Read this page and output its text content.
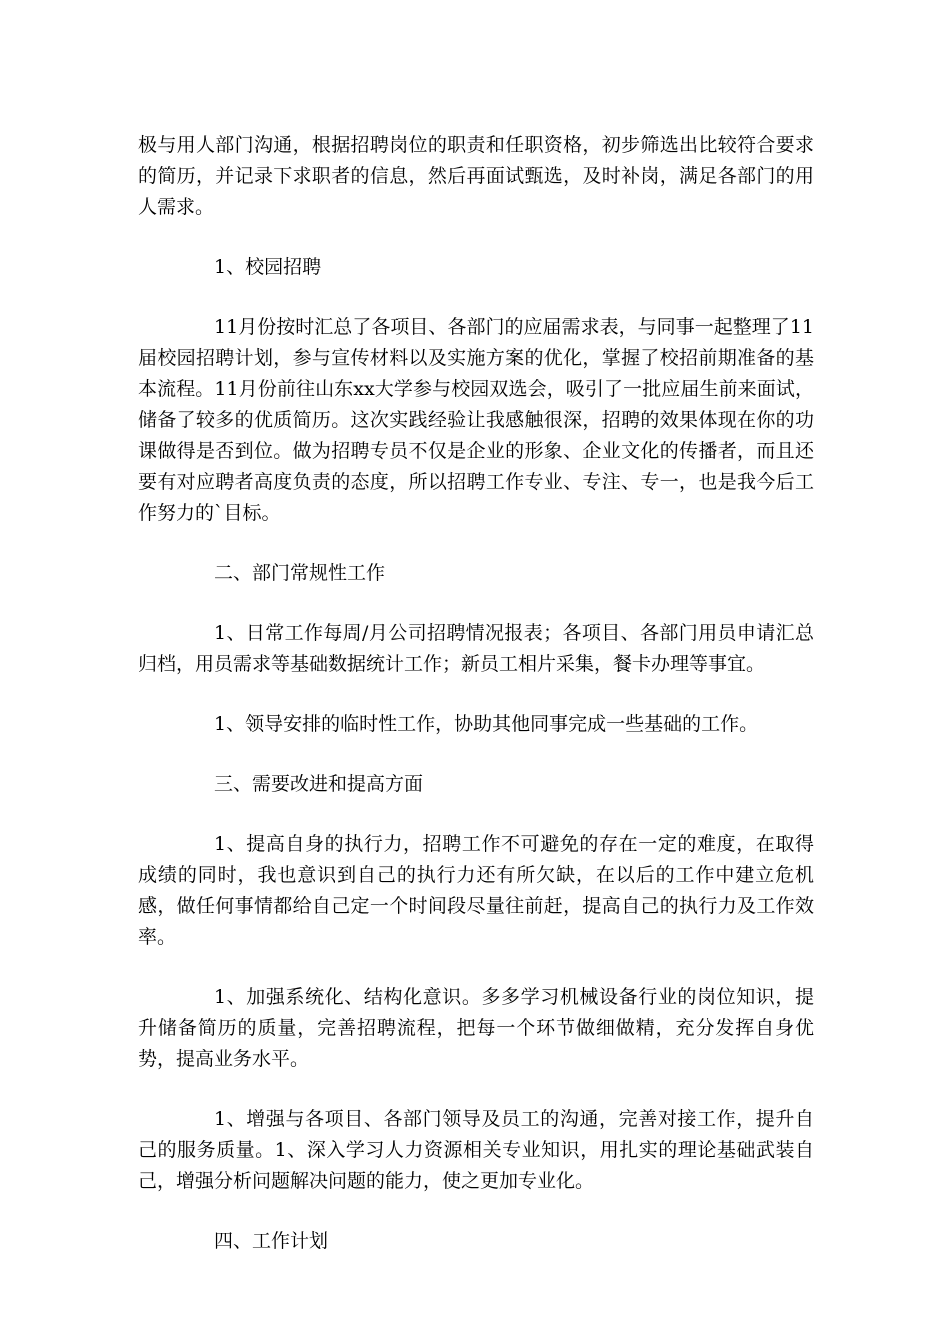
极与用人部门沟通，根据招聘岗位的职责和任职资格，初步筛选出比较符合要求的简历，并记录下求职者的信息，然后再面试甄选，及时补岗，满足各部门的用人需求。

1、校园招聘

11月份按时汇总了各项目、各部门的应届需求表，与同事一起整理了11届校园招聘计划，参与宣传材料以及实施方案的优化，掌握了校招前期准备的基本流程。11月份前往山东xx大学参与校园双选会，吸引了一批应届生前来面试，储备了较多的优质简历。这次实践经验让我感触很深，招聘的效果体现在你的功课做得是否到位。做为招聘专员不仅是企业的形象、企业文化的传播者，而且还要有对应聘者高度负责的态度，所以招聘工作专业、专注、专一，也是我今后工作努力的`目标。

二、部门常规性工作

1、日常工作每周/月公司招聘情况报表；各项目、各部门用员申请汇总归档，用员需求等基础数据统计工作；新员工相片采集，餐卡办理等事宜。

1、领导安排的临时性工作，协助其他同事完成一些基础的工作。

三、需要改进和提高方面

1、提高自身的执行力，招聘工作不可避免的存在一定的难度，在取得成绩的同时，我也意识到自己的执行力还有所欠缺，在以后的工作中建立危机感，做任何事情都给自己定一个时间段尽量往前赶，提高自己的执行力及工作效率。

1、加强系统化、结构化意识。多多学习机械设备行业的岗位知识，提升储备简历的质量，完善招聘流程，把每一个环节做细做精，充分发挥自身优势，提高业务水平。

1、增强与各项目、各部门领导及员工的沟通，完善对接工作，提升自己的服务质量。1、深入学习人力资源相关专业知识，用扎实的理论基础武装自己，增强分析问题解决问题的能力，使之更加专业化。

四、工作计划
